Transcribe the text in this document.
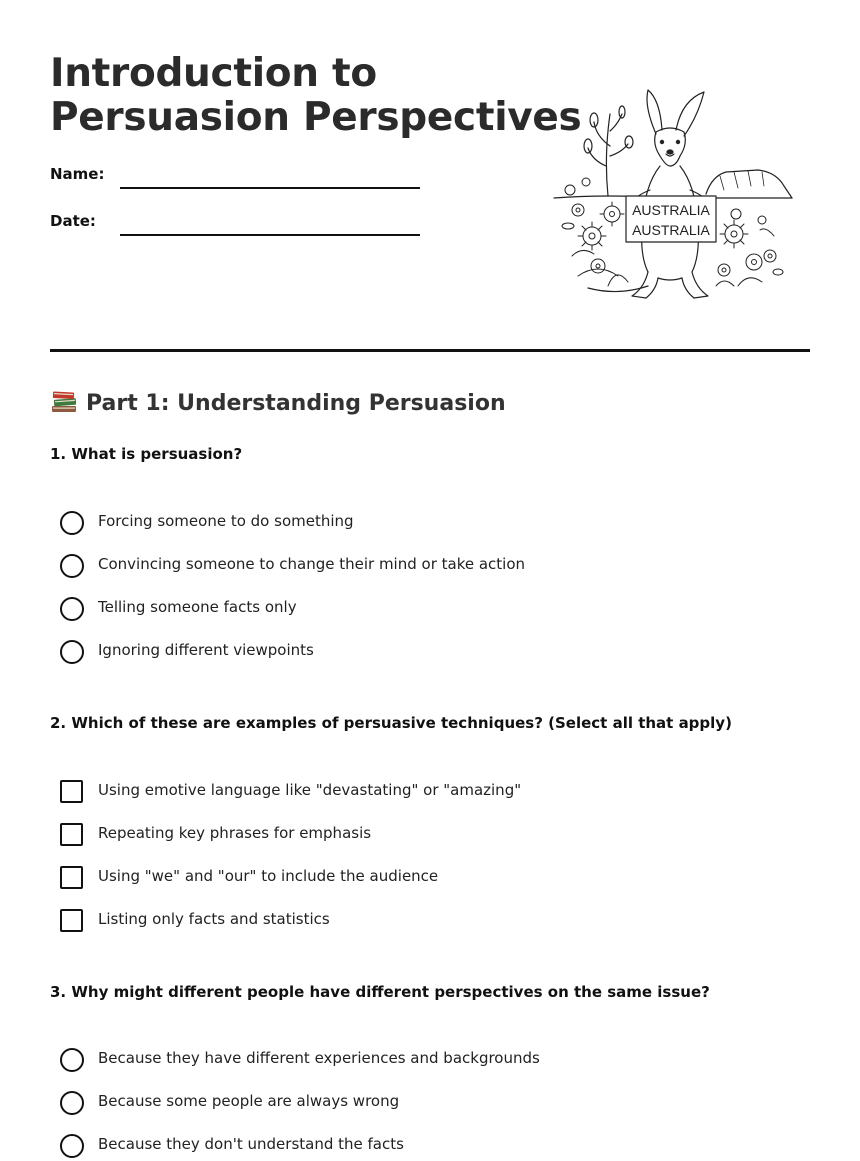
Introduction to
Persuasion Perspectives
Name:
Date:
AUSTRALIA
AUSTRALIA
Part 1: Understanding Persuasion
1. What is persuasion?
Forcing someone to do something
Convincing someone to change their mind or take action
Telling someone facts only
Ignoring different viewpoints
2. Which of these are examples of persuasive techniques? (Select all that apply)
Using emotive language like "devastating" or "amazing"
Repeating key phrases for emphasis
Using "we" and "our" to include the audience
Listing only facts and statistics
3. Why might different people have different perspectives on the same issue?
Because they have different experiences and backgrounds
Because some people are always wrong
Because they don't understand the facts
